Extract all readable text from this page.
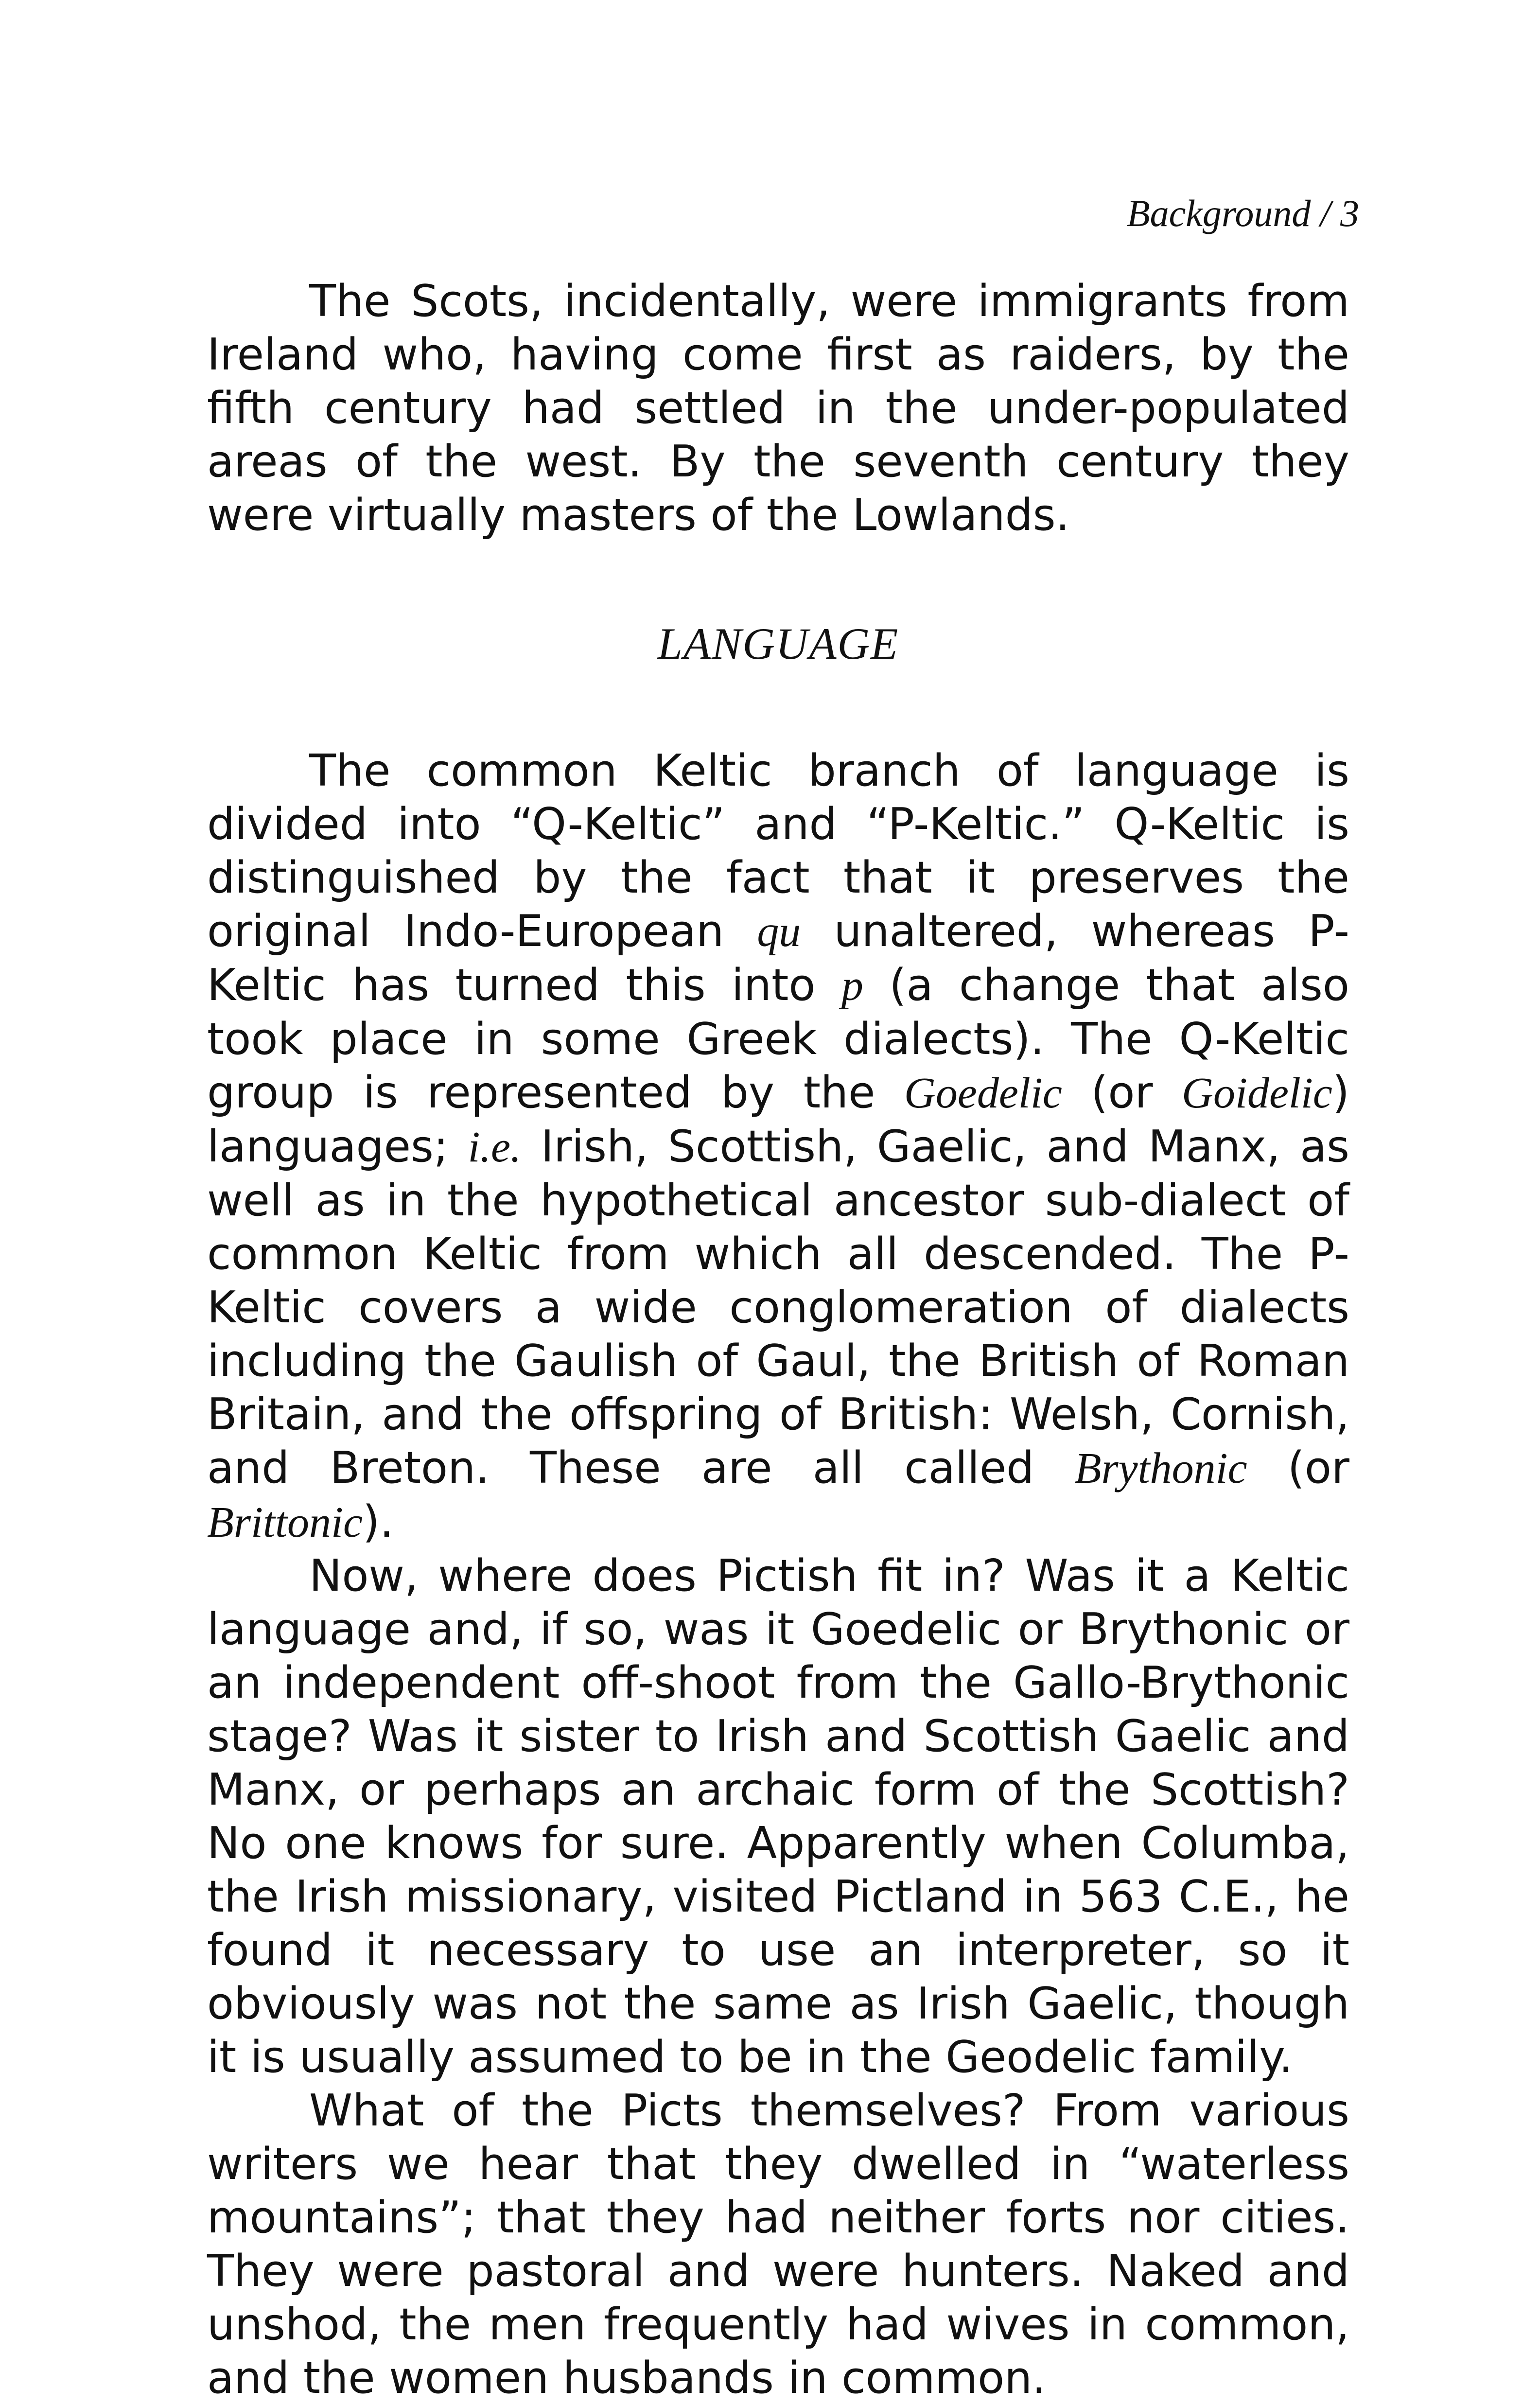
Background / 3

The Scots, incidentally, were immigrants from Ireland who, having come first as raiders, by the fifth century had settled in the under-populated areas of the west. By the seventh century they were virtually masters of the Lowlands.

LANGUAGE

The common Keltic branch of language is divided into “Q-Keltic” and “P-Keltic.” Q-Keltic is distinguished by the fact that it preserves the original Indo-European qu unaltered, whereas P-Keltic has turned this into p (a change that also took place in some Greek dialects). The Q-Keltic group is represented by the Goedelic (or Goidelic) languages; i.e. Irish, Scottish, Gaelic, and Manx, as well as in the hypothetical ancestor sub-dialect of common Keltic from which all descended. The P-Keltic covers a wide conglomeration of dialects including the Gaulish of Gaul, the British of Roman Britain, and the offspring of British: Welsh, Cornish, and Breton. These are all called Brythonic (or Brittonic).

Now, where does Pictish fit in? Was it a Keltic language and, if so, was it Goedelic or Brythonic or an independent off-shoot from the Gallo-Brythonic stage? Was it sister to Irish and Scottish Gaelic and Manx, or perhaps an archaic form of the Scottish? No one knows for sure. Apparently when Columba, the Irish missionary, visited Pictland in 563 C.E., he found it necessary to use an interpreter, so it obviously was not the same as Irish Gaelic, though it is usually assumed to be in the Geodelic family.

What of the Picts themselves? From various writers we hear that they dwelled in “waterless mountains”; that they had neither forts nor cities. They were pastoral and were hunters. Naked and unshod, the men frequently had wives in common, and the women husbands in common.
